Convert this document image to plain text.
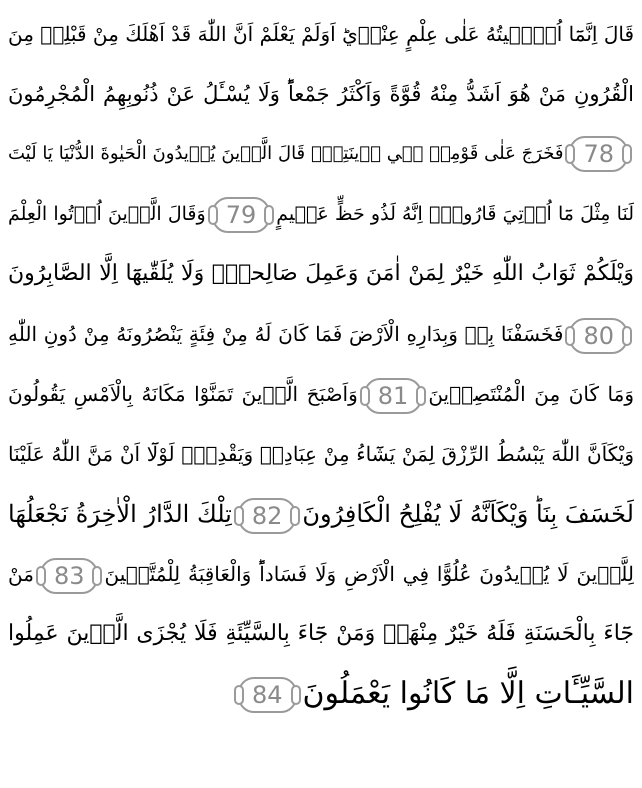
قَالَ اِنَّمَٓا اُو۫تٖيتُهُ عَلٰى عِلْمٍ عِنْدٖيؕ اَوَلَمْ يَعْلَمْ اَنَّ اللّٰهَ قَدْ اَهْلَكَ مِنْ قَبْلِهٖ مِنَ
الْقُرُونِ مَنْ هُوَ اَشَدُّ مِنْهُ قُوَّةً وَاَكْثَرُ جَمْعاًؕ وَلَا يُسْـَٔلُ عَنْ ذُنُوبِهِمُ الْمُجْرِمُونَ
78فَخَرَجَ عَلٰى قَوْمِهٖ فٖي زٖينَتِهٖؕ قَالَ الَّذٖينَ يُرٖيدُونَ الْحَيٰوةَ الدُّنْيَا يَا لَيْتَ
لَنَا مِثْلَ مَٓا اُو۫تِيَ قَارُونُۙ اِنَّهُ لَذُو حَظٍّ عَظٖيمٍ79وَقَالَ الَّذٖينَ اُو۫تُوا الْعِلْمَ
وَيْلَكُمْ ثَوَابُ اللّٰهِ خَيْرٌ لِمَنْ اٰمَنَ وَعَمِلَ صَالِحاًۚ وَلَا يُلَقّٰيهَٓا اِلَّا الصَّابِرُونَ
80فَخَسَفْنَا بِهٖ وَبِدَارِهِ الْاَرْضَ فَمَا كَانَ لَهُ مِنْ فِئَةٍ يَنْصُرُونَهُ مِنْ دُونِ اللّٰهِ
وَمَا كَانَ مِنَ الْمُنْتَصِرٖينَ81وَاَصْبَحَ الَّذٖينَ تَمَنَّوْا مَكَانَهُ بِالْاَمْسِ يَقُولُونَ
وَيْكَاَنَّ اللّٰهَ يَبْسُطُ الرِّزْقَ لِمَنْ يَشَٓاءُ مِنْ عِبَادِهٖ وَيَقْدِرُۚ لَوْلَٓا اَنْ مَنَّ اللّٰهُ عَلَيْنَا
لَخَسَفَ بِنَاؕ وَيْكَاَنَّهُ لَا يُفْلِحُ الْكَافِرُونَ82تِلْكَ الدَّارُ الْاٰخِرَةُ نَجْعَلُهَا
لِلَّذٖينَ لَا يُرٖيدُونَ عُلُوًّا فِي الْاَرْضِ وَلَا فَسَاداًؕ وَالْعَاقِبَةُ لِلْمُتَّقٖينَ83مَنْ
جَٓاءَ بِالْحَسَنَةِ فَلَهُ خَيْرٌ مِنْهَاۚ وَمَنْ جَٓاءَ بِالسَّيِّئَةِ فَلَا يُجْزَى الَّذٖينَ عَمِلُوا
السَّيِّـَٔاتِ اِلَّا مَا كَانُوا يَعْمَلُونَ84
